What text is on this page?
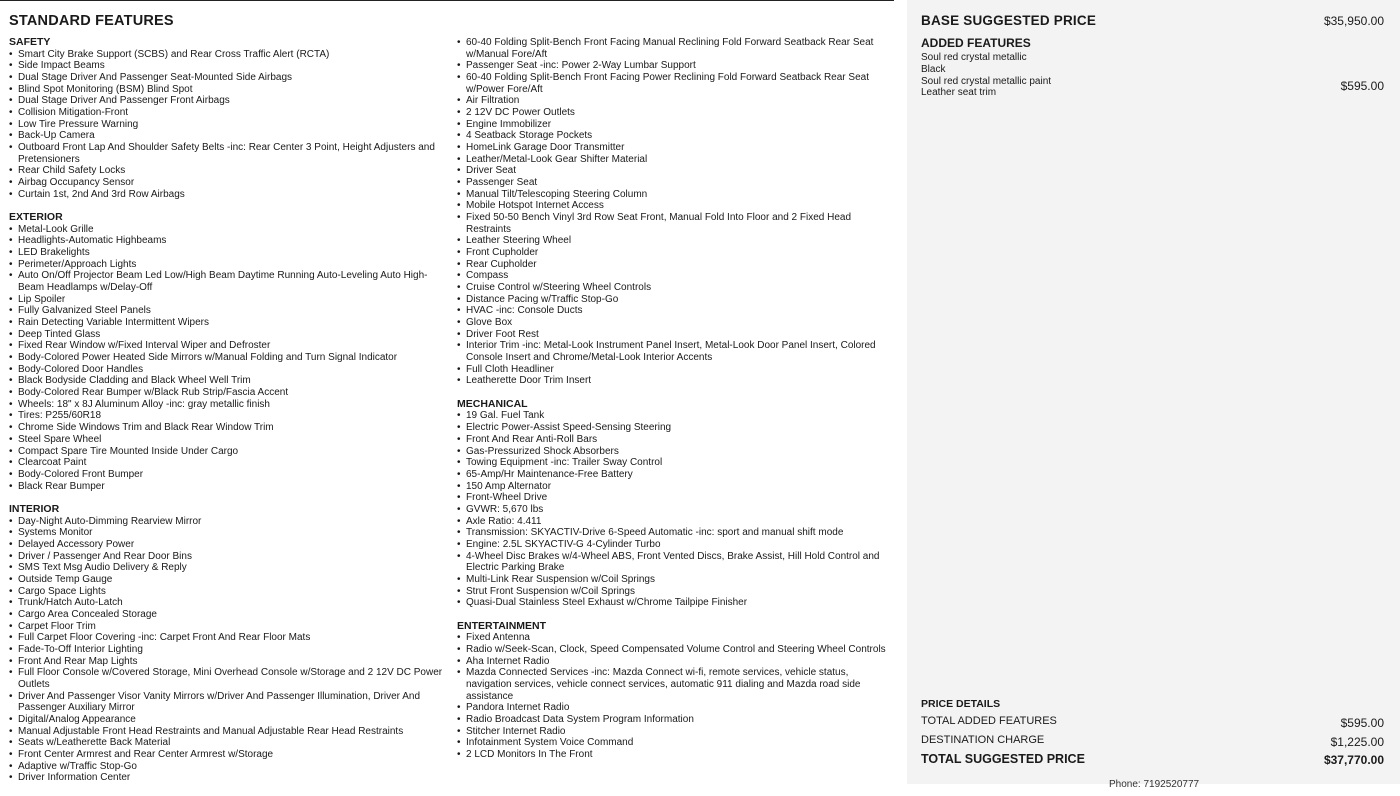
STANDARD FEATURES
SAFETY
• Smart City Brake Support (SCBS) and Rear Cross Traffic Alert (RCTA)
• Side Impact Beams
• Dual Stage Driver And Passenger Seat-Mounted Side Airbags
• Blind Spot Monitoring (BSM) Blind Spot
• Dual Stage Driver And Passenger Front Airbags
• Collision Mitigation-Front
• Low Tire Pressure Warning
• Back-Up Camera
• Outboard Front Lap And Shoulder Safety Belts -inc: Rear Center 3 Point, Height Adjusters and Pretensioners
• Rear Child Safety Locks
• Airbag Occupancy Sensor
• Curtain 1st, 2nd And 3rd Row Airbags
EXTERIOR
• Metal-Look Grille
• Headlights-Automatic Highbeams
• LED Brakelights
• Perimeter/Approach Lights
• Auto On/Off Projector Beam Led Low/High Beam Daytime Running Auto-Leveling Auto High-Beam Headlamps w/Delay-Off
• Lip Spoiler
• Fully Galvanized Steel Panels
• Rain Detecting Variable Intermittent Wipers
• Deep Tinted Glass
• Fixed Rear Window w/Fixed Interval Wiper and Defroster
• Body-Colored Power Heated Side Mirrors w/Manual Folding and Turn Signal Indicator
• Body-Colored Door Handles
• Black Bodyside Cladding and Black Wheel Well Trim
• Body-Colored Rear Bumper w/Black Rub Strip/Fascia Accent
• Wheels: 18" x 8J Aluminum Alloy -inc: gray metallic finish
• Tires: P255/60R18
• Chrome Side Windows Trim and Black Rear Window Trim
• Steel Spare Wheel
• Compact Spare Tire Mounted Inside Under Cargo
• Clearcoat Paint
• Body-Colored Front Bumper
• Black Rear Bumper
INTERIOR
• Day-Night Auto-Dimming Rearview Mirror
• Systems Monitor
• Delayed Accessory Power
• Driver / Passenger And Rear Door Bins
• SMS Text Msg Audio Delivery & Reply
• Outside Temp Gauge
• Cargo Space Lights
• Trunk/Hatch Auto-Latch
• Cargo Area Concealed Storage
• Carpet Floor Trim
• Full Carpet Floor Covering -inc: Carpet Front And Rear Floor Mats
• Fade-To-Off Interior Lighting
• Front And Rear Map Lights
• Full Floor Console w/Covered Storage, Mini Overhead Console w/Storage and 2 12V DC Power Outlets
• Driver And Passenger Visor Vanity Mirrors w/Driver And Passenger Illumination, Driver And Passenger Auxiliary Mirror
• Digital/Analog Appearance
• Manual Adjustable Front Head Restraints and Manual Adjustable Rear Head Restraints
• Seats w/Leatherette Back Material
• Front Center Armrest and Rear Center Armrest w/Storage
• Adaptive w/Traffic Stop-Go
• Driver Information Center
• 60-40 Folding Split-Bench Front Facing Manual Reclining Fold Forward Seatback Rear Seat w/Manual Fore/Aft
• Passenger Seat -inc: Power 2-Way Lumbar Support
• 60-40 Folding Split-Bench Front Facing Power Reclining Fold Forward Seatback Rear Seat w/Power Fore/Aft
• Air Filtration
• 2 12V DC Power Outlets
• Engine Immobilizer
• 4 Seatback Storage Pockets
• HomeLink Garage Door Transmitter
• Leather/Metal-Look Gear Shifter Material
• Driver Seat
• Passenger Seat
• Manual Tilt/Telescoping Steering Column
• Mobile Hotspot Internet Access
• Fixed 50-50 Bench Vinyl 3rd Row Seat Front, Manual Fold Into Floor and 2 Fixed Head Restraints
• Leather Steering Wheel
• Front Cupholder
• Rear Cupholder
• Compass
• Cruise Control w/Steering Wheel Controls
• Distance Pacing w/Traffic Stop-Go
• HVAC -inc: Console Ducts
• Glove Box
• Driver Foot Rest
• Interior Trim -inc: Metal-Look Instrument Panel Insert, Metal-Look Door Panel Insert, Colored Console Insert and Chrome/Metal-Look Interior Accents
• Full Cloth Headliner
• Leatherette Door Trim Insert
MECHANICAL
• 19 Gal. Fuel Tank
• Electric Power-Assist Speed-Sensing Steering
• Front And Rear Anti-Roll Bars
• Gas-Pressurized Shock Absorbers
• Towing Equipment -inc: Trailer Sway Control
• 65-Amp/Hr Maintenance-Free Battery
• 150 Amp Alternator
• Front-Wheel Drive
• GVWR: 5,670 lbs
• Axle Ratio: 4.411
• Transmission: SKYACTIV-Drive 6-Speed Automatic -inc: sport and manual shift mode
• Engine: 2.5L SKYACTIV-G 4-Cylinder Turbo
• 4-Wheel Disc Brakes w/4-Wheel ABS, Front Vented Discs, Brake Assist, Hill Hold Control and Electric Parking Brake
• Multi-Link Rear Suspension w/Coil Springs
• Strut Front Suspension w/Coil Springs
• Quasi-Dual Stainless Steel Exhaust w/Chrome Tailpipe Finisher
ENTERTAINMENT
• Fixed Antenna
• Radio w/Seek-Scan, Clock, Speed Compensated Volume Control and Steering Wheel Controls
• Aha Internet Radio
• Mazda Connected Services -inc: Mazda Connect wi-fi, remote services, vehicle status, navigation services, vehicle connect services, automatic 911 dialing and Mazda road side assistance
• Pandora Internet Radio
• Radio Broadcast Data System Program Information
• Stitcher Internet Radio
• Infotainment System Voice Command
• 2 LCD Monitors In The Front
BASE SUGGESTED PRICE	$35,950.00
ADDED FEATURES
Soul red crystal metallic
Black
Soul red crystal metallic paint	$595.00
Leather seat trim
PRICE DETAILS
TOTAL ADDED FEATURES	$595.00
DESTINATION CHARGE	$1,225.00
TOTAL SUGGESTED PRICE	$37,770.00
Phone: 7192520777
